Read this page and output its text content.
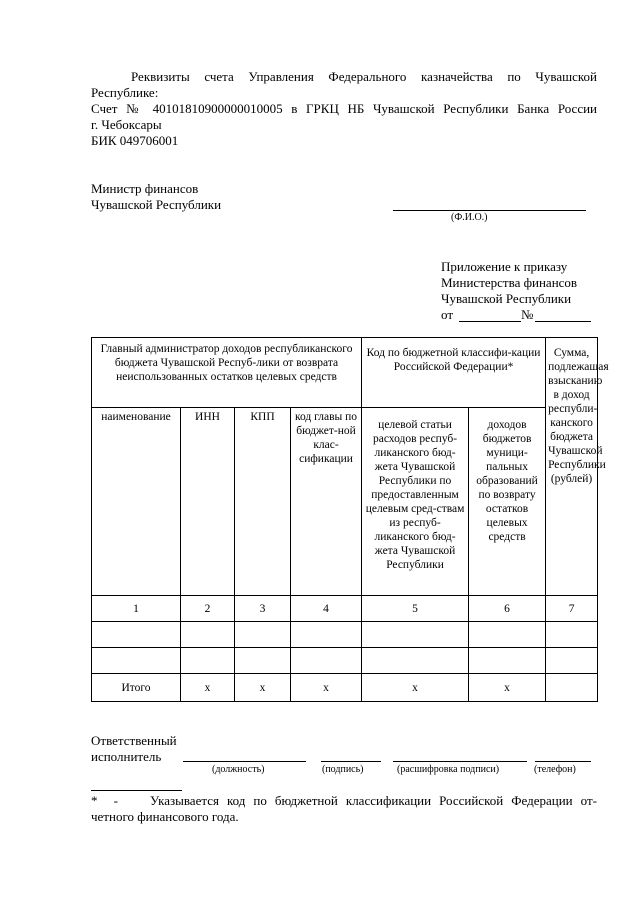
Реквизиты счета Управления Федерального казначейства по Чувашской
Республике:
Счет № 40101810900000010005 в ГРКЦ НБ Чувашской Республики Банка России
г. Чебоксары
БИК 049706001
Министр финансов
Чувашской Республики
(Ф.И.О.)
Приложение к приказу
Министерства финансов
Чувашской Республики
от	№
Главный администратор доходов республиканского бюджета Чувашской Респуб-лики от возврата неиспользованных остатков целевых средств				Код по бюджетной классифи-кации Российской Федерации*		Сумма, подлежащая взысканию в доход республи-канского бюджета Чувашской Республики (рублей)
наименование	ИНН	КПП	код главы по бюджет-ной клас-сификации	целевой статьи расходов респуб-ликанского бюд-жета Чувашской Республики по предоставленным целевым сред-ствам из респуб-ликанского бюд-жета Чувашской Республики	доходов бюджетов муници-пальных образований по возврату остатков целевых средств	
1	2	3	4	5	6	7

Итого	х	х	х	х	х	
Ответственный
исполнитель
(должность)	(подпись)	(расшифровка подписи)	(телефон)
*  -    Указывается код по бюджетной классификации Российской Федерации от-
четного финансового года.
